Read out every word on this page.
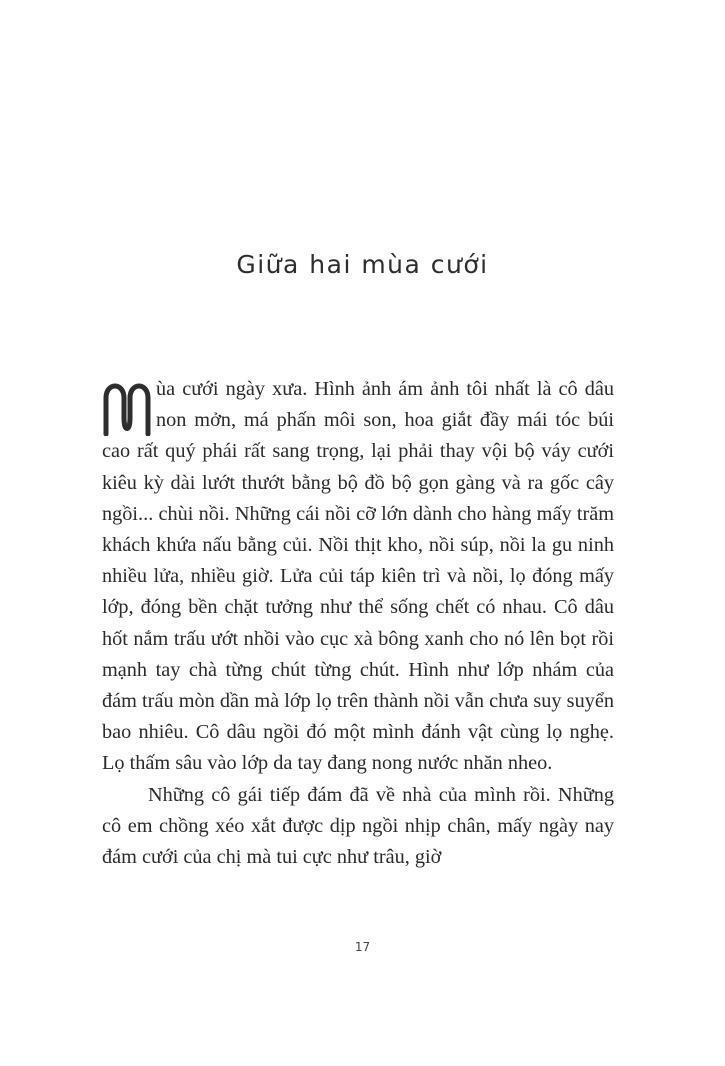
Giữa hai mùa cưới

ùa cưới ngày xưa. Hình ảnh ám ảnh tôi nhất là cô dâu non mởn, má phấn môi son, hoa giắt đầy mái tóc búi cao rất quý phái rất sang trọng, lại phải thay vội bộ váy cưới kiêu kỳ dài lướt thướt bằng bộ đồ bộ gọn gàng và ra gốc cây ngồi... chùi nồi. Những cái nồi cỡ lớn dành cho hàng mấy trăm khách khứa nấu bằng củi. Nồi thịt kho, nồi súp, nồi la gu ninh nhiều lửa, nhiều giờ. Lửa củi táp kiên trì và nồi, lọ đóng mấy lớp, đóng bền chặt tưởng như thể sống chết có nhau. Cô dâu hốt nắm trấu ướt nhồi vào cục xà bông xanh cho nó lên bọt rồi mạnh tay chà từng chút từng chút. Hình như lớp nhám của đám trấu mòn dần mà lớp lọ trên thành nồi vẫn chưa suy suyển bao nhiêu. Cô dâu ngồi đó một mình đánh vật cùng lọ nghẹ. Lọ thấm sâu vào lớp da tay đang nong nước nhăn nheo.

Những cô gái tiếp đám đã về nhà của mình rồi. Những cô em chồng xéo xắt được dịp ngồi nhịp chân, mấy ngày nay đám cưới của chị mà tui cực như trâu, giờ

17
